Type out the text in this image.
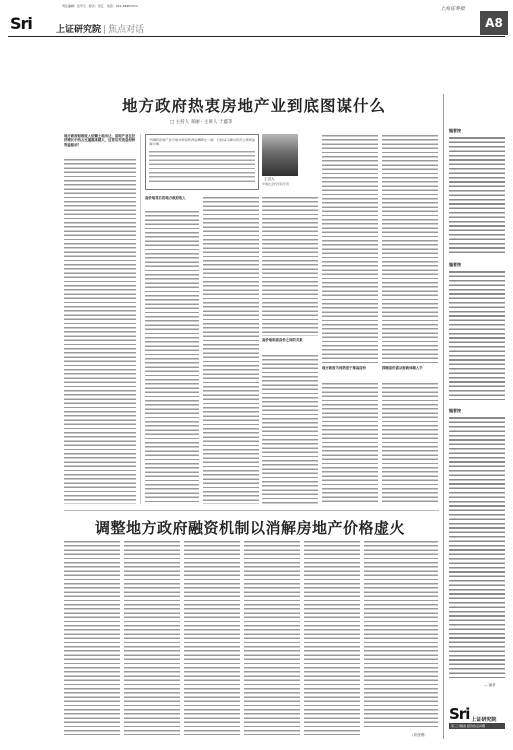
责任编辑：张开元 · 版式：吴江 · 电话：021-38967512
Sri	上证研究院 | 焦点对话
上海证券报
A8
地方政府热衷房地产业到底图谋什么
□ 主持人 邓丽 · 主讲人 于鑫等
地方政府财政收入依赖土地出让，房地产业在经济增长中所占比重越来越大，这背后究竟是何种利益驱动？
中国的房地产业与地方政府的利益捆绑在一起，已经成为推动房价上涨的重要力量。
主讲人
中国社会科学院学者
高价地背后的地方政府收入
高价地和高房价之间的关系
地方政府为何热衷于推高房价	抑制房价需从财政体制入手
调整地方政府融资机制以消解房地产价格虚火
（刘登钢）
编者按
编者按
编者按
— 编者
Sri 上证研究院
第三只眼看 经济热点问题
